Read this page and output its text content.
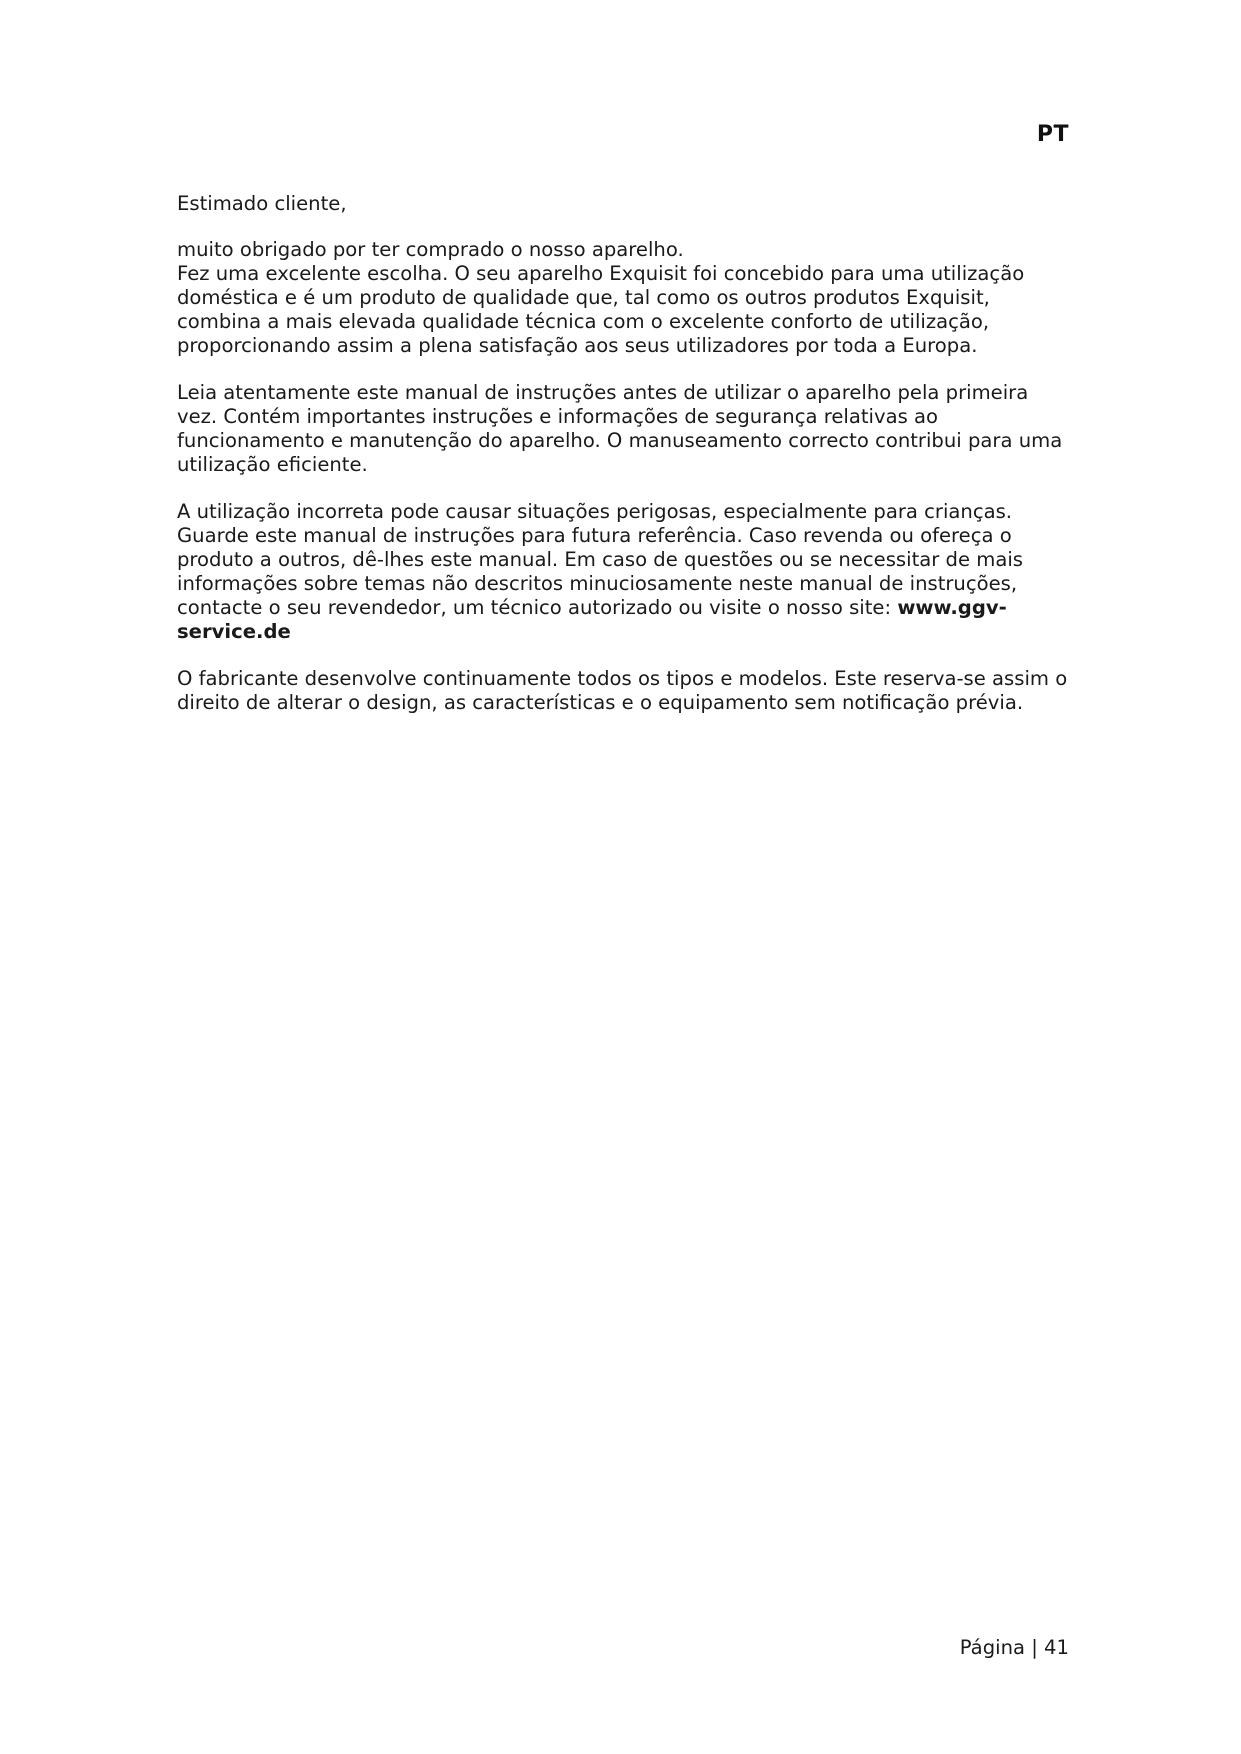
PT

Estimado cliente,

muito obrigado por ter comprado o nosso aparelho.

Fez uma excelente escolha. O seu aparelho Exquisit foi concebido para uma utilização doméstica e é um produto de qualidade que, tal como os outros produtos Exquisit, combina a mais elevada qualidade técnica com o excelente conforto de utilização, proporcionando assim a plena satisfação aos seus utilizadores por toda a Europa.

Leia atentamente este manual de instruções antes de utilizar o aparelho pela primeira vez. Contém importantes instruções e informações de segurança relativas ao funcionamento e manutenção do aparelho. O manuseamento correcto contribui para uma utilização eficiente.

A utilização incorreta pode causar situações perigosas, especialmente para crianças. Guarde este manual de instruções para futura referência. Caso revenda ou ofereça o produto a outros, dê-lhes este manual. Em caso de questões ou se necessitar de mais informações sobre temas não descritos minuciosamente neste manual de instruções, contacte o seu revendedor, um técnico autorizado ou visite o nosso site: www.ggv-service.de

O fabricante desenvolve continuamente todos os tipos e modelos. Este reserva-se assim o direito de alterar o design, as características e o equipamento sem notificação prévia.

Página | 41
